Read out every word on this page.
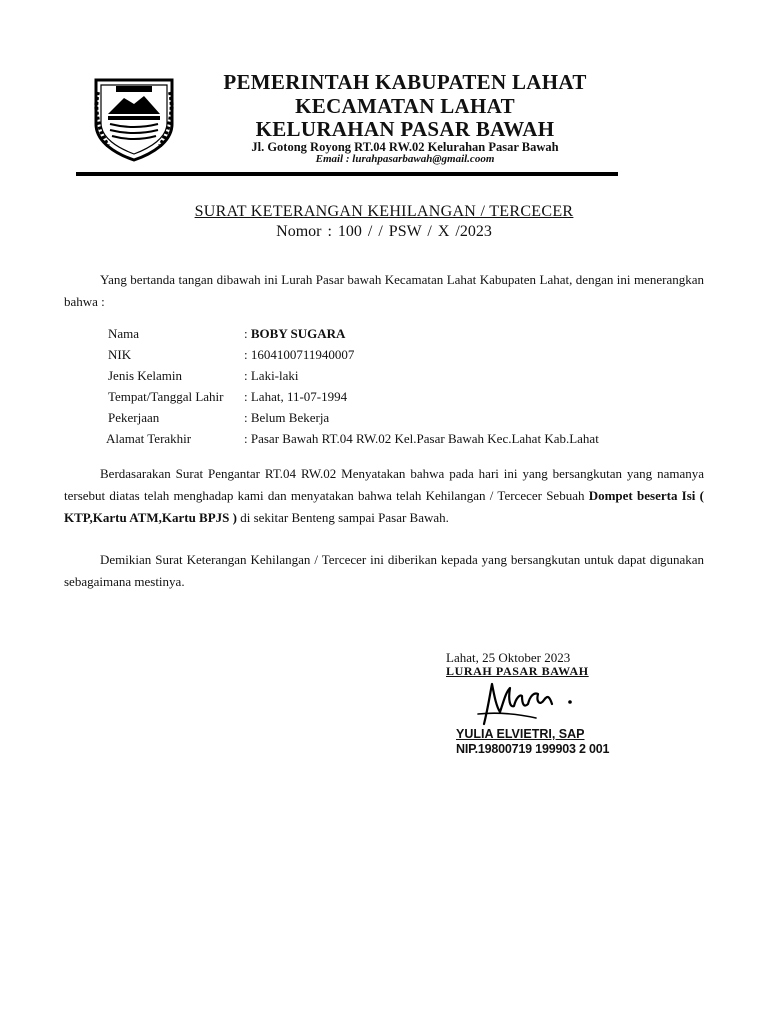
PEMERINTAH KABUPATEN LAHAT
KECAMATAN LAHAT
KELURAHAN PASAR BAWAH
Jl. Gotong Royong RT.04 RW.02 Kelurahan Pasar Bawah
Email : lurahpasarbawah@gmail.coom
SURAT KETERANGAN KEHILANGAN / TERCECER
Nomor : 100 / / PSW / X /2023
Yang bertanda tangan dibawah ini Lurah Pasar bawah Kecamatan Lahat Kabupaten Lahat, dengan ini menerangkan bahwa :
Nama	: BOBY SUGARA
NIK	: 1604100711940007
Jenis Kelamin	: Laki-laki
Tempat/Tanggal Lahir : Lahat, 11-07-1994
Pekerjaan	: Belum Bekerja
Alamat Terakhir	: Pasar Bawah RT.04 RW.02 Kel.Pasar Bawah Kec.Lahat Kab.Lahat
Berdasarakan Surat Pengantar RT.04 RW.02 Menyatakan bahwa pada hari ini yang bersangkutan yang namanya tersebut diatas telah menghadap kami dan menyatakan bahwa telah Kehilangan / Tercecer Sebuah Dompet beserta Isi ( KTP,Kartu ATM,Kartu BPJS ) di sekitar Benteng sampai Pasar Bawah.
Demikian Surat Keterangan Kehilangan / Tercecer ini diberikan kepada yang bersangkutan untuk dapat digunakan sebagaimana mestinya.
Lahat, 25 Oktober 2023
LURAH PASAR BAWAH
YULIA ELVIETRI, SAP
NIP.19800719 199903 2 001
